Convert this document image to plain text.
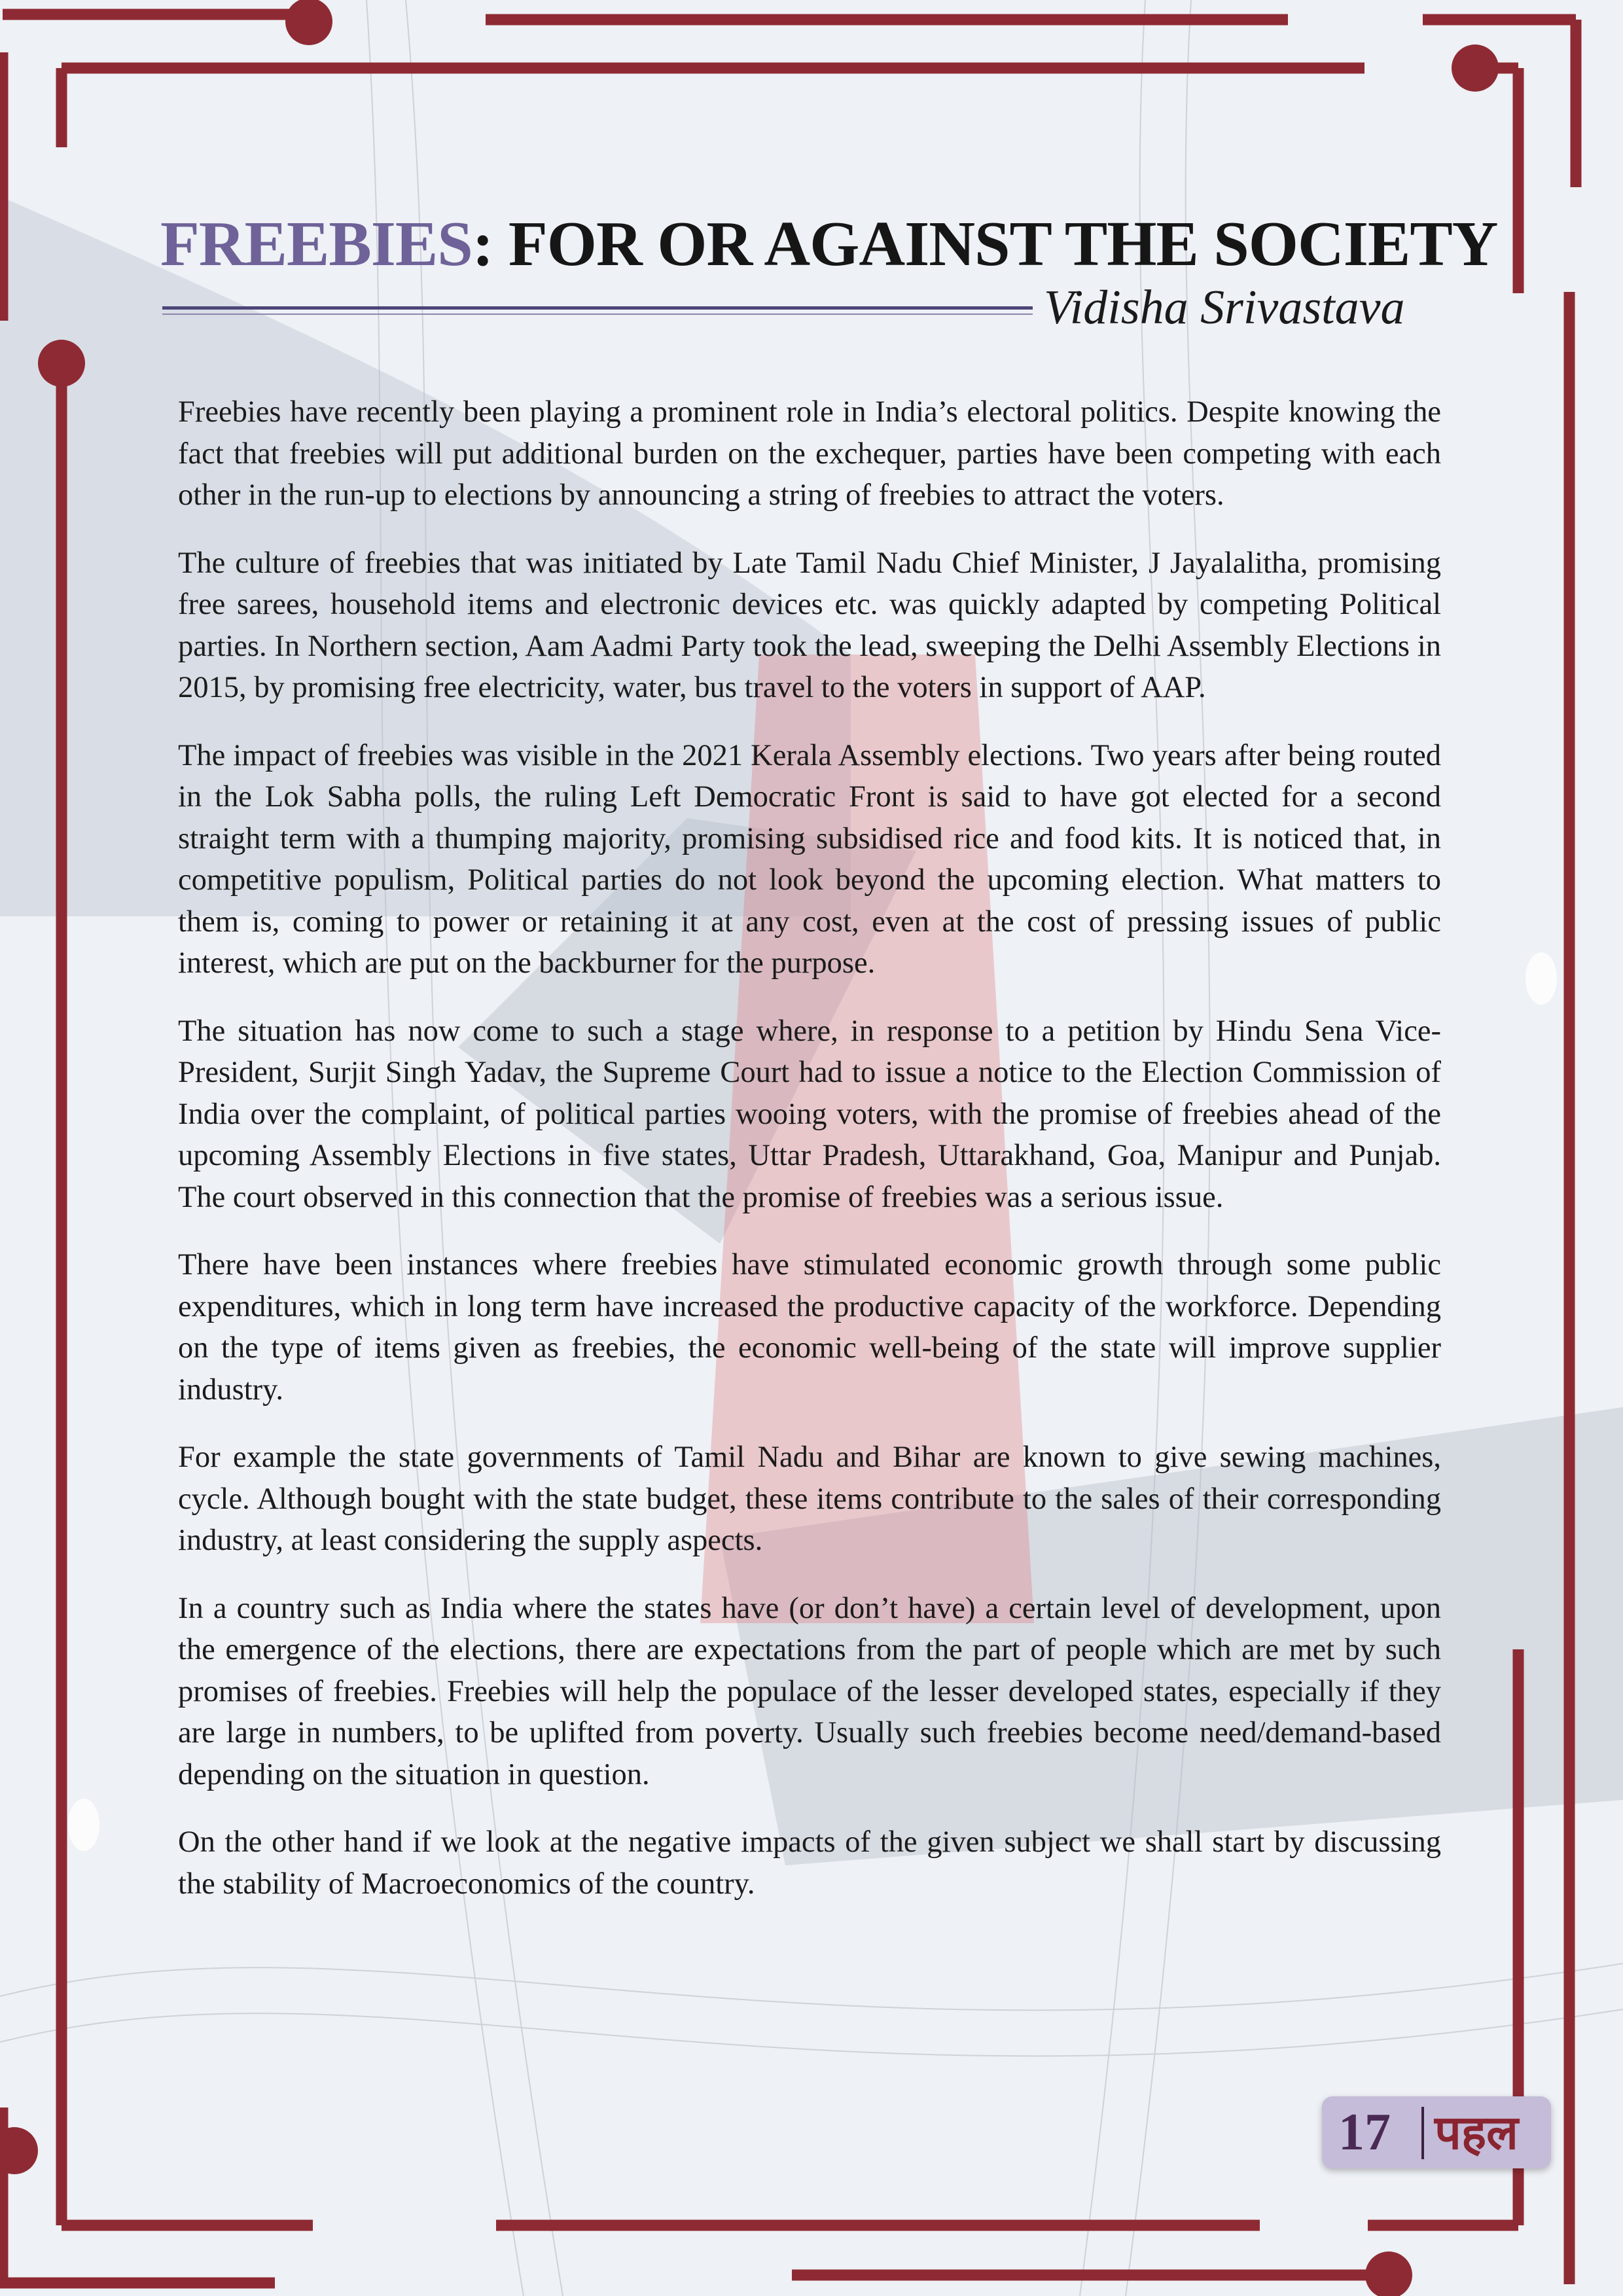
FREEBIES: FOR OR AGAINST THE SOCIETY
Vidisha Srivastava

Freebies have recently been playing a prominent role in India’s electoral politics. Despite knowing the fact that freebies will put additional burden on the exchequer, parties have been competing with each other in the run-up to elections by announcing a string of freebies to attract the voters.

The culture of freebies that was initiated by Late Tamil Nadu Chief Minister, J Jayalalitha, promising free sarees, household items and electronic devices etc. was quickly adapted by competing Political parties. In Northern section, Aam Aadmi Party took the lead, sweeping the Delhi Assembly Elections in 2015, by promising free electricity, water, bus travel to the voters in support of AAP.

The impact of freebies was visible in the 2021 Kerala Assembly elections. Two years after being routed in the Lok Sabha polls, the ruling Left Democratic Front is said to have got elected for a second straight term with a thumping majority, promising subsidised rice and food kits. It is noticed that, in competitive populism, Political parties do not look beyond the upcoming election. What matters to them is, coming to power or retaining it at any cost, even at the cost of pressing issues of public interest, which are put on the backburner for the purpose.

The situation has now come to such a stage where, in response to a petition by Hindu Sena Vice- President, Surjit Singh Yadav, the Supreme Court had to issue a notice to the Election Commission of India over the complaint, of political parties wooing voters, with the promise of freebies ahead of the upcoming Assembly Elections in five states, Uttar Pradesh, Uttarakhand, Goa, Manipur and Punjab. The court observed in this connection that the promise of freebies was a serious issue.

There have been instances where freebies have stimulated economic growth through some public expenditures, which in long term have increased the productive capacity of the workforce. Depending on the type of items given as freebies, the economic well-being of the state will improve supplier industry.

For example the state governments of Tamil Nadu and Bihar are known to give sewing machines, cycle. Although bought with the state budget, these items contribute to the sales of their corresponding industry, at least considering the supply aspects.

In a country such as India where the states have (or don’t have) a certain level of development, upon the emergence of the elections, there are expectations from the part of people which are met by such promises of freebies. Freebies will help the populace of the lesser developed states, especially if they are large in numbers, to be uplifted from poverty. Usually such freebies become need/demand-based depending on the situation in question.

On the other hand if we look at the negative impacts of the given subject we shall start by discussing the stability of Macroeconomics of the country.

17 पहल
